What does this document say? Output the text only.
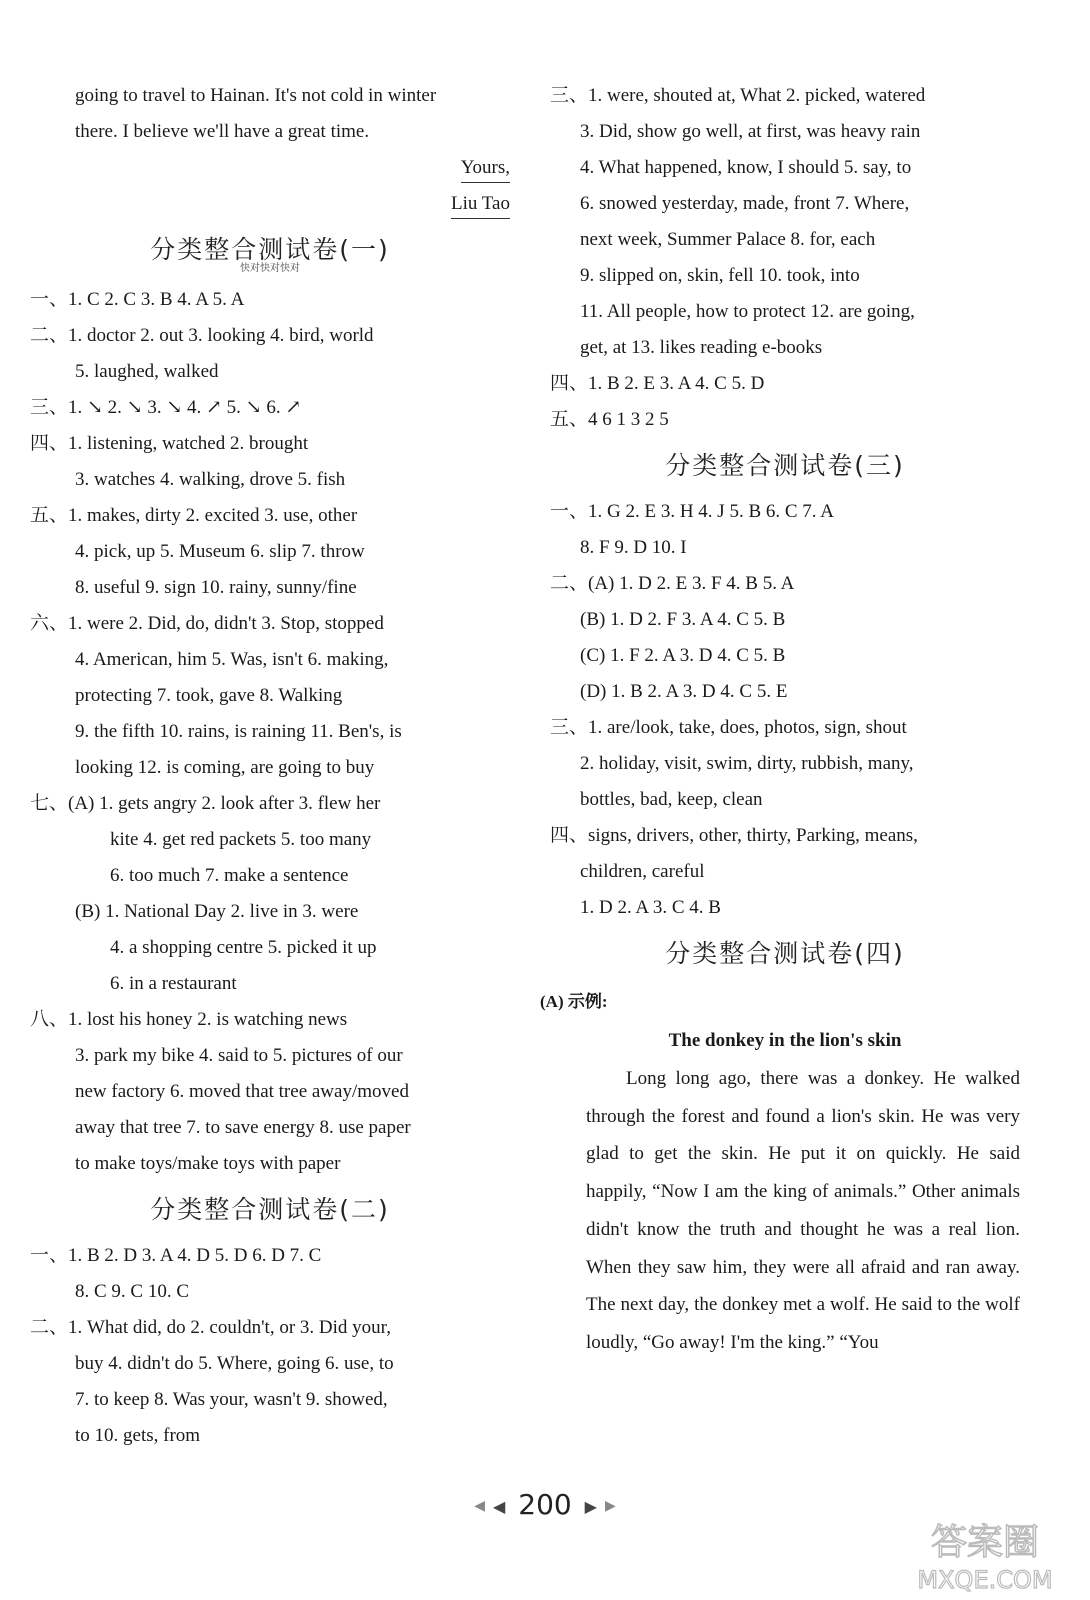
going to travel to Hainan. It's not cold in winter
there. I believe we'll have a great time.
Yours,
Liu Tao
分类整合测试卷(一)
快对快对快对
一、1. C 2. C 3. B 4. A 5. A
二、1. doctor 2. out 3. looking 4. bird, world
5. laughed, walked
三、1. ↘ 2. ↘ 3. ↘ 4. ↗ 5. ↘ 6. ↗
四、1. listening, watched 2. brought
3. watches 4. walking, drove 5. fish
五、1. makes, dirty 2. excited 3. use, other
4. pick, up 5. Museum 6. slip 7. throw
8. useful 9. sign 10. rainy, sunny/fine
六、1. were 2. Did, do, didn't 3. Stop, stopped
4. American, him 5. Was, isn't 6. making,
protecting 7. took, gave 8. Walking
9. the fifth 10. rains, is raining 11. Ben's, is
looking 12. is coming, are going to buy
七、(A) 1. gets angry 2. look after 3. flew her
kite 4. get red packets 5. too many
6. too much 7. make a sentence
(B) 1. National Day 2. live in 3. were
4. a shopping centre 5. picked it up
6. in a restaurant
八、1. lost his honey 2. is watching news
3. park my bike 4. said to 5. pictures of our
new factory 6. moved that tree away/moved
away that tree 7. to save energy 8. use paper
to make toys/make toys with paper
分类整合测试卷(二)
一、1. B 2. D 3. A 4. D 5. D 6. D 7. C
8. C 9. C 10. C
二、1. What did, do 2. couldn't, or 3. Did your,
buy 4. didn't do 5. Where, going 6. use, to
7. to keep 8. Was your, wasn't 9. showed,
to 10. gets, from
三、1. were, shouted at, What 2. picked, watered
3. Did, show go well, at first, was heavy rain
4. What happened, know, I should 5. say, to
6. snowed yesterday, made, front 7. Where,
next week, Summer Palace 8. for, each
9. slipped on, skin, fell 10. took, into
11. All people, how to protect 12. are going,
get, at 13. likes reading e-books
四、1. B 2. E 3. A 4. C 5. D
五、4 6 1 3 2 5
分类整合测试卷(三)
一、1. G 2. E 3. H 4. J 5. B 6. C 7. A
8. F 9. D 10. I
二、(A) 1. D 2. E 3. F 4. B 5. A
(B) 1. D 2. F 3. A 4. C 5. B
(C) 1. F 2. A 3. D 4. C 5. B
(D) 1. B 2. A 3. D 4. C 5. E
三、1. are/look, take, does, photos, sign, shout
2. holiday, visit, swim, dirty, rubbish, many,
bottles, bad, keep, clean
四、signs, drivers, other, thirty, Parking, means,
children, careful
1. D 2. A 3. C 4. B
分类整合测试卷(四)
(A) 示例:
The donkey in the lion's skin
Long long ago, there was a donkey. He walked through the forest and found a lion's skin. He was very glad to get the skin. He put it on quickly. He said happily, “Now I am the king of animals.” Other animals didn't know the truth and thought he was a real lion. When they saw him, they were all afraid and ran away. The next day, the donkey met a wolf. He said to the wolf loudly, “Go away! I'm the king.” “You
◀ ◀ 200 ▶ ▶
答案圈
MXQE.COM
